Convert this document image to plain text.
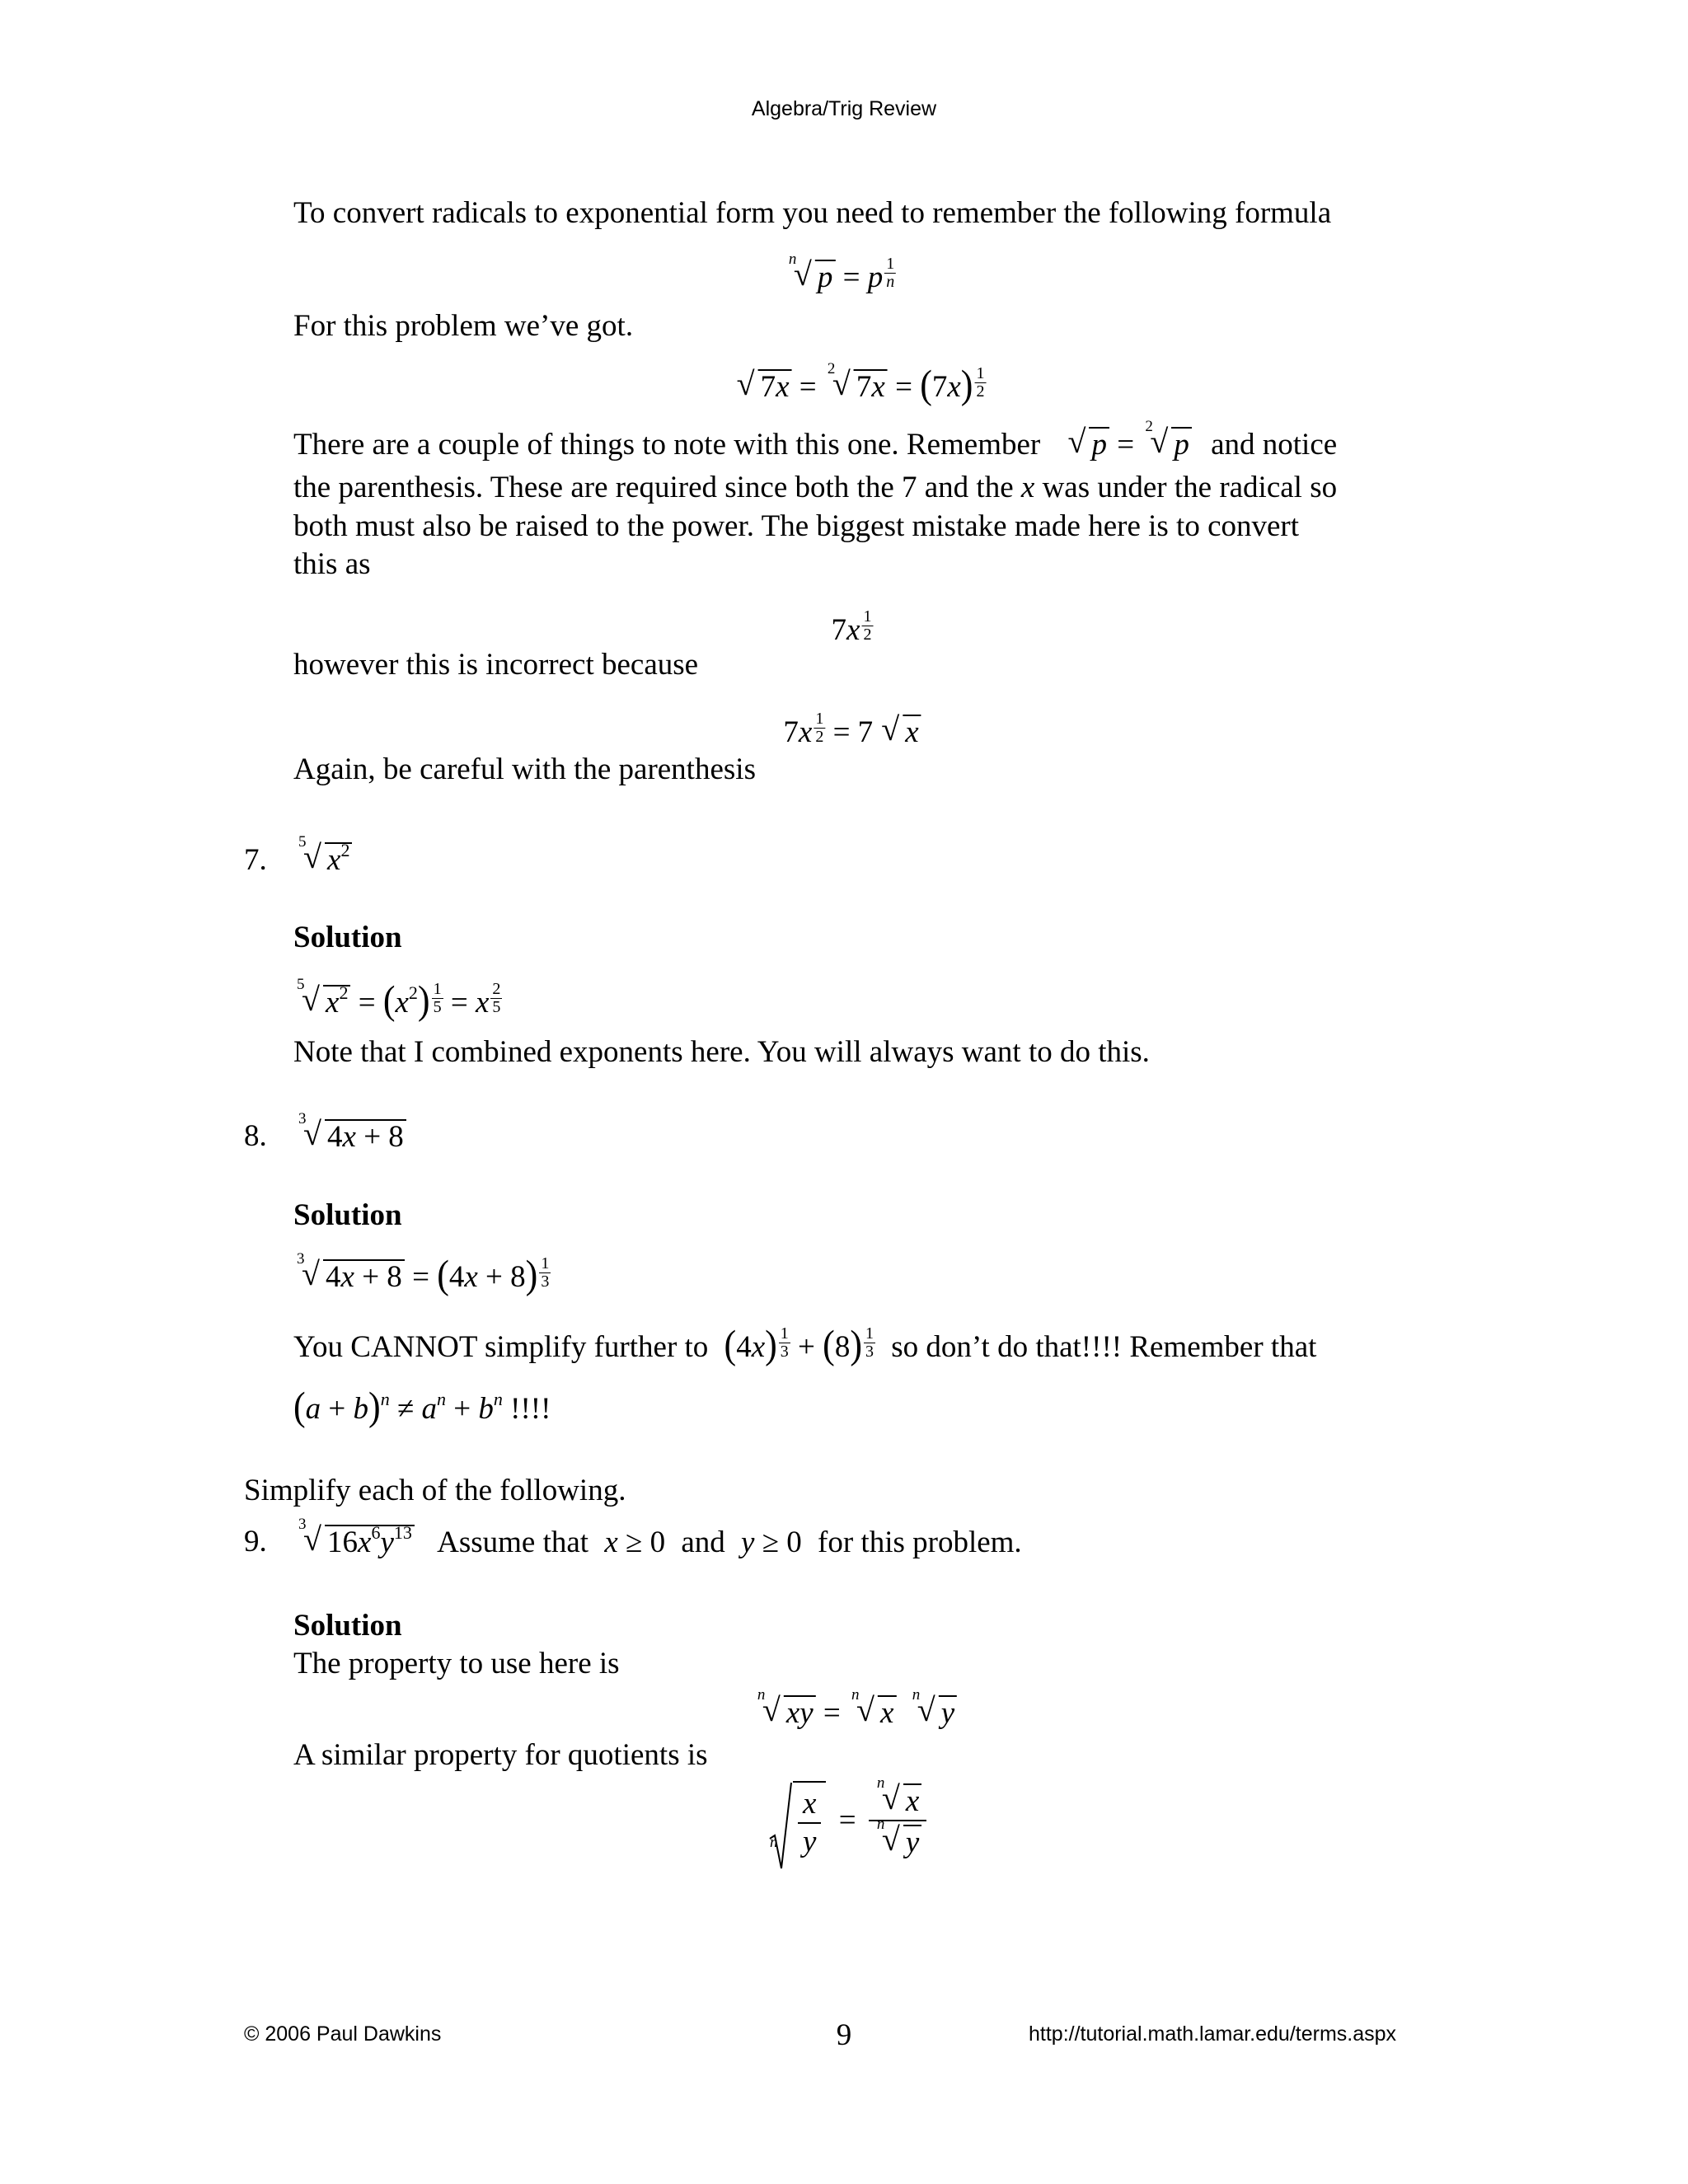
Algebra/Trig Review
To convert radicals to exponential form you need to remember the following formula
n
√ p = p $^{\frac{1}{n}}$
For this problem we’ve got.
√ 7x =
2
√ 7x = (7x) $^{\frac{1}{2}}$
There are a couple of things to note with this one. Remember √ p =
2
√ p and notice
the parenthesis. These are required since both the 7 and the x was under the radical so
both must also be raised to the power. The biggest mistake made here is to convert
this as
7x $^{\frac{1}{2}}$
however this is incorrect because
7x $^{\frac{1}{2}}$ = 7 √ x
Again, be careful with the parenthesis
7.
5
√ $x^2$
Solution
5
√ $x^2 = (x^2) ^{\frac{1}{5}} = x$ $^{\frac{2}{5}}$
Note that I combined exponents here. You will always want to do this.
8.
3
√ 4x + 8
Solution
3
√ 4x + 8 = (4x + 8) $^{\frac{1}{3}}$
You CANNOT simplify further to (4x) $^{\frac{1}{3}}$ + (8) $^{\frac{1}{3}}$ so don’t do that!!!! Remember that
$(a + b)^n \ne a^n + b^n$ !!!!
Simplify each of the following.
9.
3
√ $16x^6y^{13}$ Assume that x ≥ 0 and y ≥ 0 for this problem.
Solution
The property to use here is
n
√ xy =
n
√ x
n
√ y
A similar property for quotients is
n $\frac{x}{y} = n$
√ x
n
√ y
© 2006 Paul Dawkins	9	http://tutorial.math.lamar.edu/terms.aspx
